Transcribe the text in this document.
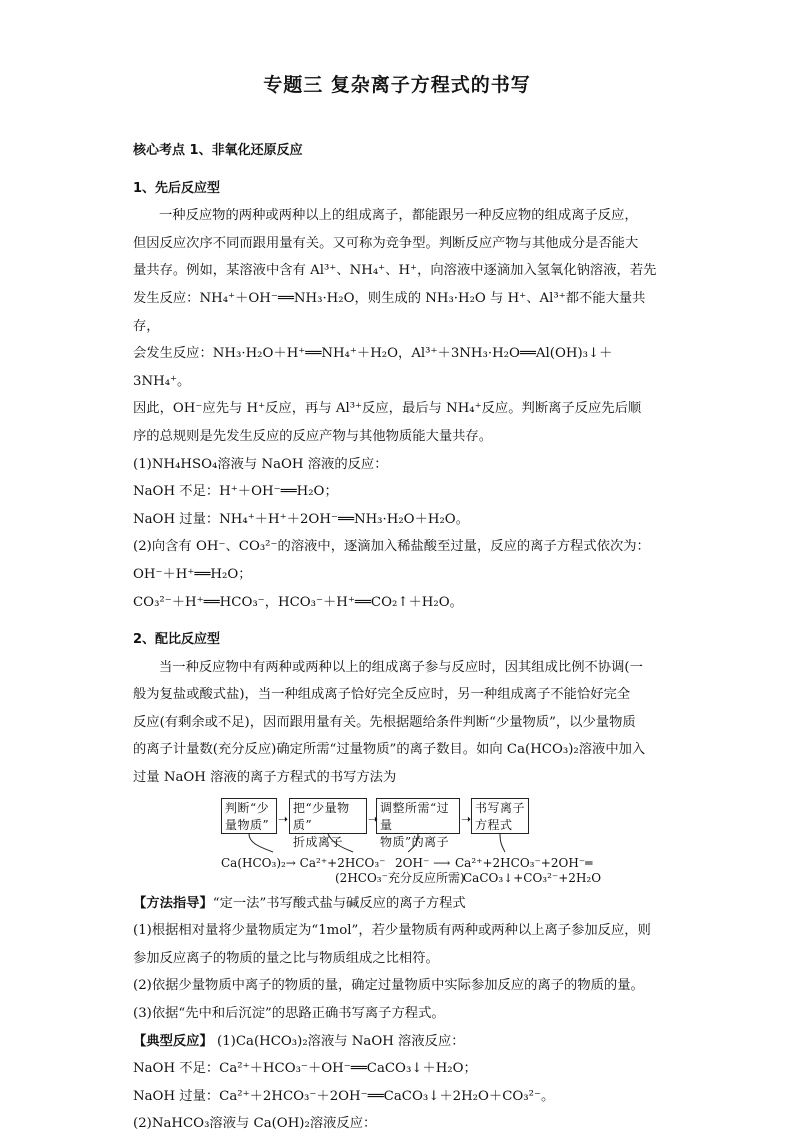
专题三 复杂离子方程式的书写
核心考点 1、非氧化还原反应
1、先后反应型
一种反应物的两种或两种以上的组成离子，都能跟另一种反应物的组成离子反应，
但因反应次序不同而跟用量有关。又可称为竞争型。判断反应产物与其他成分是否能大
量共存。例如，某溶液中含有 Al³⁺、NH₄⁺、H⁺，向溶液中逐滴加入氢氧化钠溶液，若先
发生反应：NH₄⁺＋OH⁻══NH₃·H₂O，则生成的 NH₃·H₂O 与 H⁺、Al³⁺都不能大量共存，
会发生反应：NH₃·H₂O＋H⁺══NH₄⁺＋H₂O，Al³⁺＋3NH₃·H₂O══Al(OH)₃↓＋3NH₄⁺。
因此，OH⁻应先与 H⁺反应，再与 Al³⁺反应，最后与 NH₄⁺反应。判断离子反应先后顺
序的总规则是先发生反应的反应产物与其他物质能大量共存。
(1)NH₄HSO₄溶液与 NaOH 溶液的反应：
NaOH 不足：H⁺＋OH⁻══H₂O；
NaOH 过量：NH₄⁺＋H⁺＋2OH⁻══NH₃·H₂O＋H₂O。
(2)向含有 OH⁻、CO₃²⁻的溶液中，逐滴加入稀盐酸至过量，反应的离子方程式依次为：
OH⁻＋H⁺══H₂O；
CO₃²⁻＋H⁺══HCO₃⁻，HCO₃⁻＋H⁺══CO₂↑＋H₂O。
2、配比反应型
当一种反应物中有两种或两种以上的组成离子参与反应时，因其组成比例不协调(一
般为复盐或酸式盐)，当一种组成离子恰好完全反应时，另一种组成离子不能恰好完全
反应(有剩余或不足)，因而跟用量有关。先根据题给条件判断“少量物质”，以少量物质
的离子计量数(充分反应)确定所需“过量物质”的离子数目。如向 Ca(HCO₃)₂溶液中加入
过量 NaOH 溶液的离子方程式的书写方法为
判断“少
量物质” ➝
把“少量物质”
折成离子
➝
调整所需“过量
物质”的离子
➝
书写离子
方程式
Ca(HCO₃)₂→ Ca²⁺+2HCO₃⁻ 2OH⁻ ⟶
(2HCO₃⁻充分反应所需)
Ca²⁺+2HCO₃⁻+2OH⁻═
CaCO₃↓+CO₃²⁻+2H₂O
【方法指导】“定一法”书写酸式盐与碱反应的离子方程式
(1)根据相对量将少量物质定为“1mol”，若少量物质有两种或两种以上离子参加反应，则
参加反应离子的物质的量之比与物质组成之比相符。
(2)依据少量物质中离子的物质的量，确定过量物质中实际参加反应的离子的物质的量。
(3)依据“先中和后沉淀”的思路正确书写离子方程式。
【典型反应】 (1)Ca(HCO₃)₂溶液与 NaOH 溶液反应：
NaOH 不足：Ca²⁺＋HCO₃⁻＋OH⁻══CaCO₃↓＋H₂O；
NaOH 过量：Ca²⁺＋2HCO₃⁻＋2OH⁻══CaCO₃↓＋2H₂O＋CO₃²⁻。
(2)NaHCO₃溶液与 Ca(OH)₂溶液反应：
